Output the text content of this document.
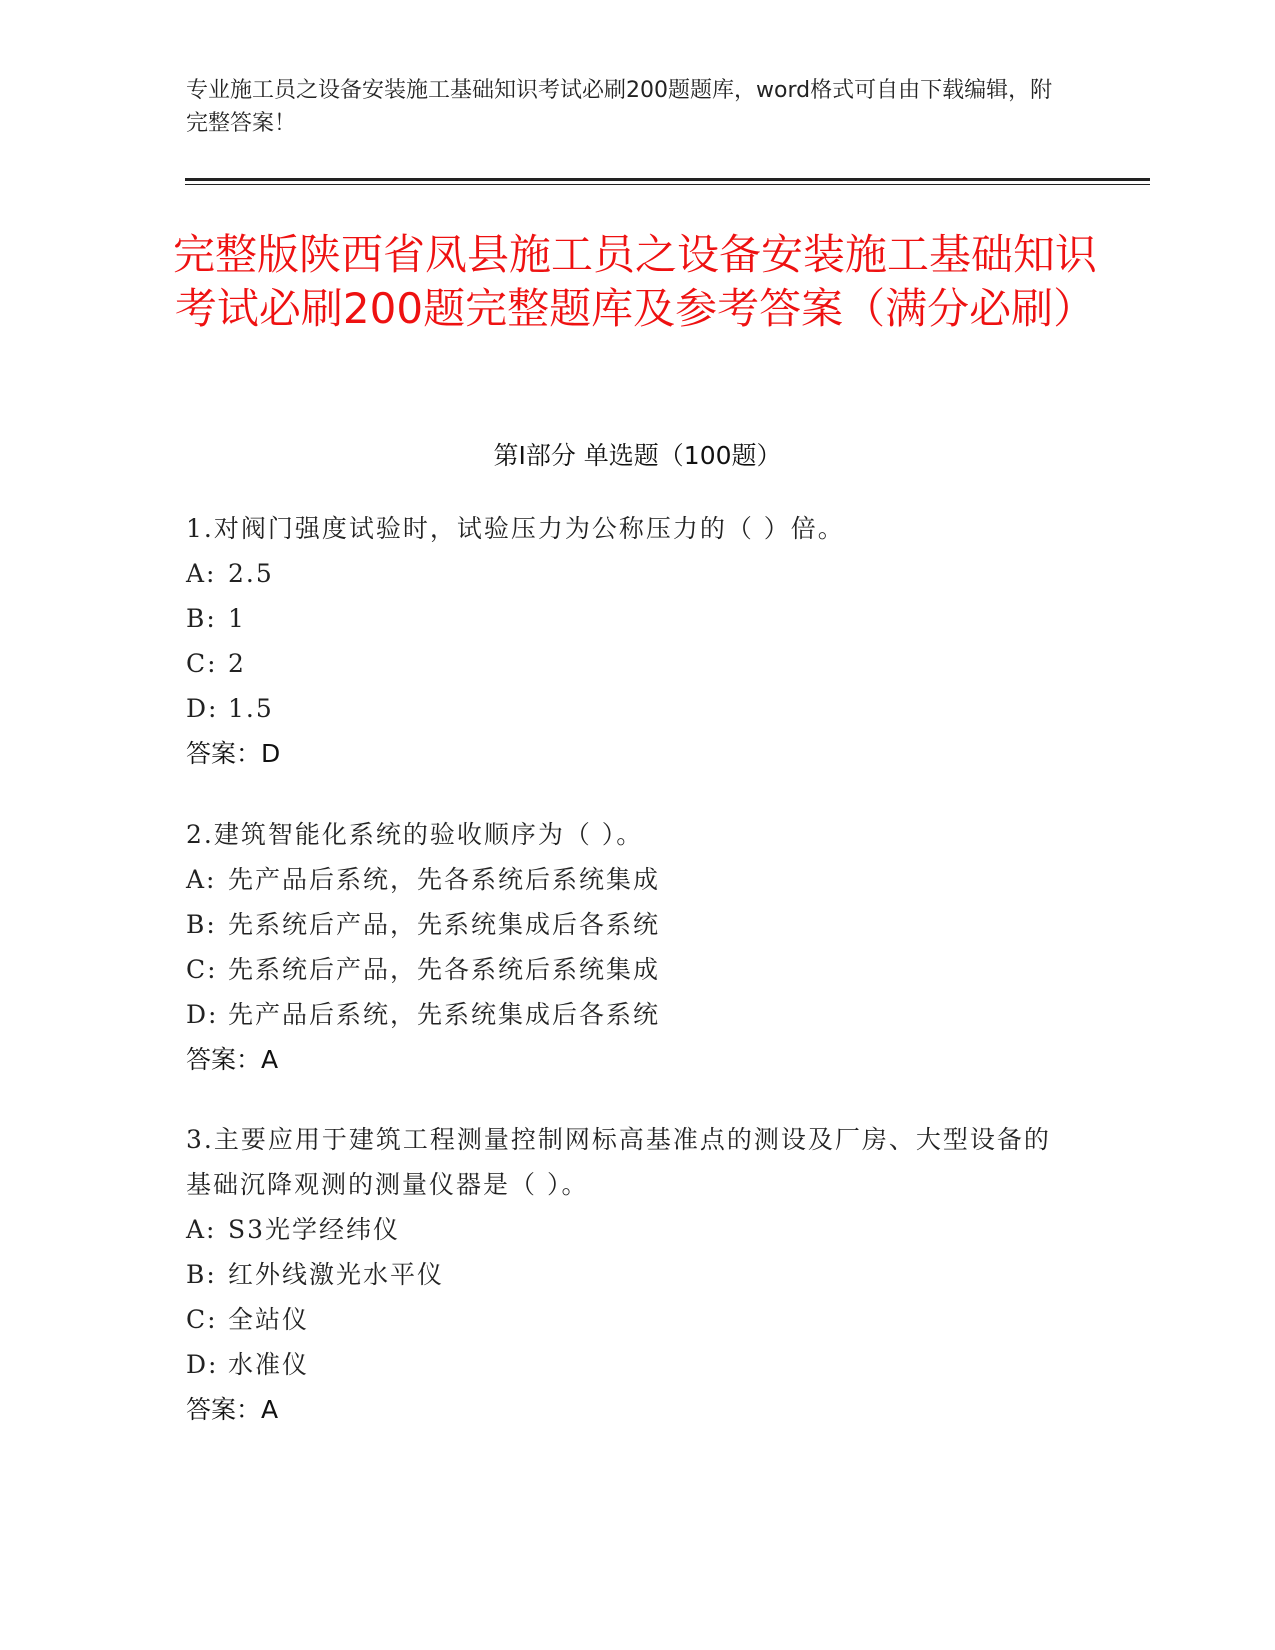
专业施工员之设备安装施工基础知识考试必刷200题题库，word格式可自由下载编辑，附完整答案！
完整版陕西省凤县施工员之设备安装施工基础知识考试必刷200题完整题库及参考答案（满分必刷）
第Ⅰ部分 单选题（100题）
1.对阀门强度试验时，试验压力为公称压力的（ ）倍。
A: 2.5
B: 1
C: 2
D: 1.5
答案：D
2.建筑智能化系统的验收顺序为（ ）。
A: 先产品后系统，先各系统后系统集成
B: 先系统后产品，先系统集成后各系统
C: 先系统后产品，先各系统后系统集成
D: 先产品后系统，先系统集成后各系统
答案：A
3.主要应用于建筑工程测量控制网标高基准点的测设及厂房、大型设备的基础沉降观测的测量仪器是（ ）。
A: S3光学经纬仪
B: 红外线激光水平仪
C: 全站仪
D: 水准仪
答案：A
